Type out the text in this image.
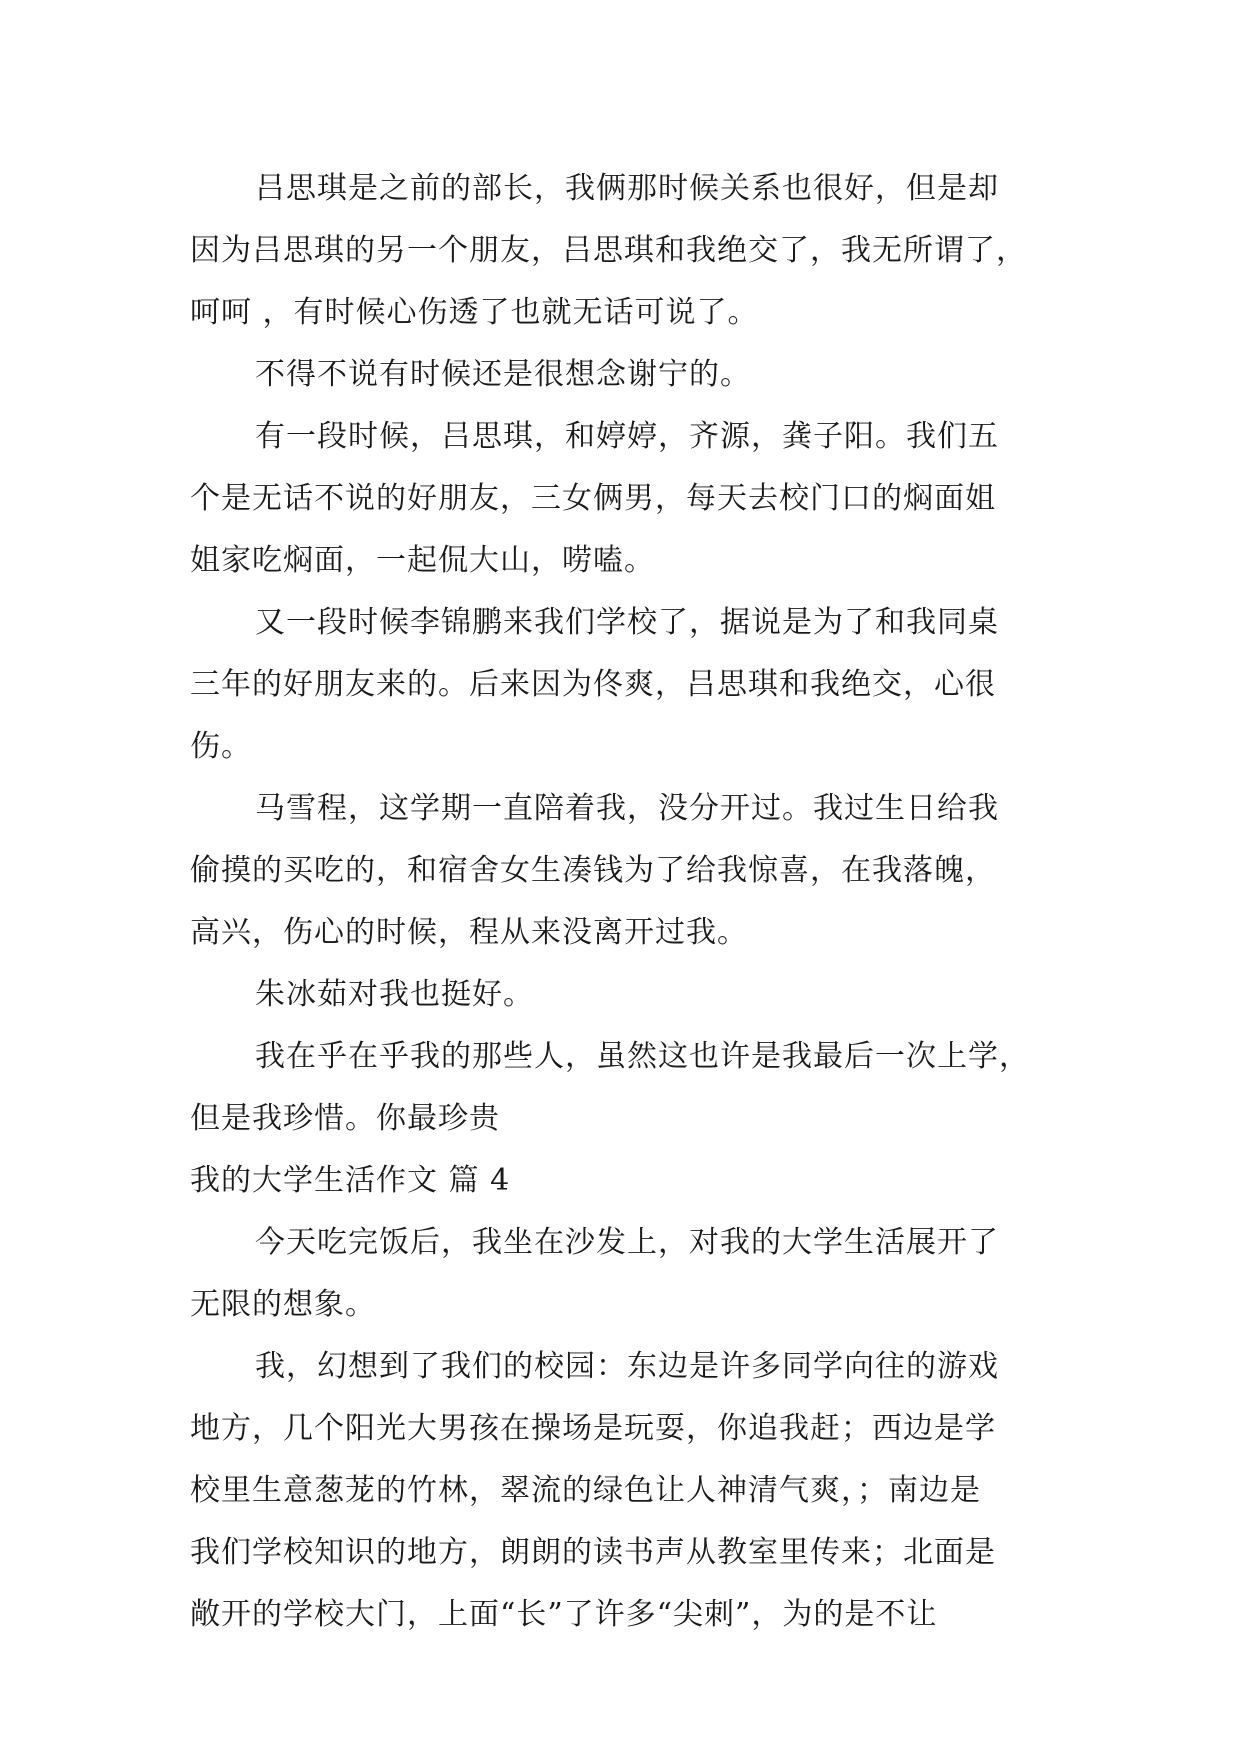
吕思琪是之前的部长，我俩那时候关系也很好，但是却
因为吕思琪的另一个朋友，吕思琪和我绝交了，我无所谓了，
呵呵 ，有时候心伤透了也就无话可说了。
不得不说有时候还是很想念谢宁的。
有一段时候，吕思琪，和婷婷，齐源，龚子阳。我们五
个是无话不说的好朋友，三女俩男，每天去校门口的焖面姐
姐家吃焖面，一起侃大山，唠嗑。
又一段时候李锦鹏来我们学校了，据说是为了和我同桌
三年的好朋友来的。后来因为佟爽，吕思琪和我绝交，心很
伤。
马雪程，这学期一直陪着我，没分开过。我过生日给我
偷摸的买吃的，和宿舍女生凑钱为了给我惊喜，在我落魄，
高兴，伤心的时候，程从来没离开过我。
朱冰茹对我也挺好。
我在乎在乎我的那些人，虽然这也许是我最后一次上学，
但是我珍惜。你最珍贵
我的大学生活作文 篇 4
今天吃完饭后，我坐在沙发上，对我的大学生活展开了
无限的想象。
我，幻想到了我们的校园：东边是许多同学向往的游戏
地方，几个阳光大男孩在操场是玩耍，你追我赶；西边是学
校里生意葱茏的竹林，翠流的绿色让人神清气爽，；南边是
我们学校知识的地方，朗朗的读书声从教室里传来；北面是
敞开的学校大门，上面“长”了许多“尖刺”，为的是不让
